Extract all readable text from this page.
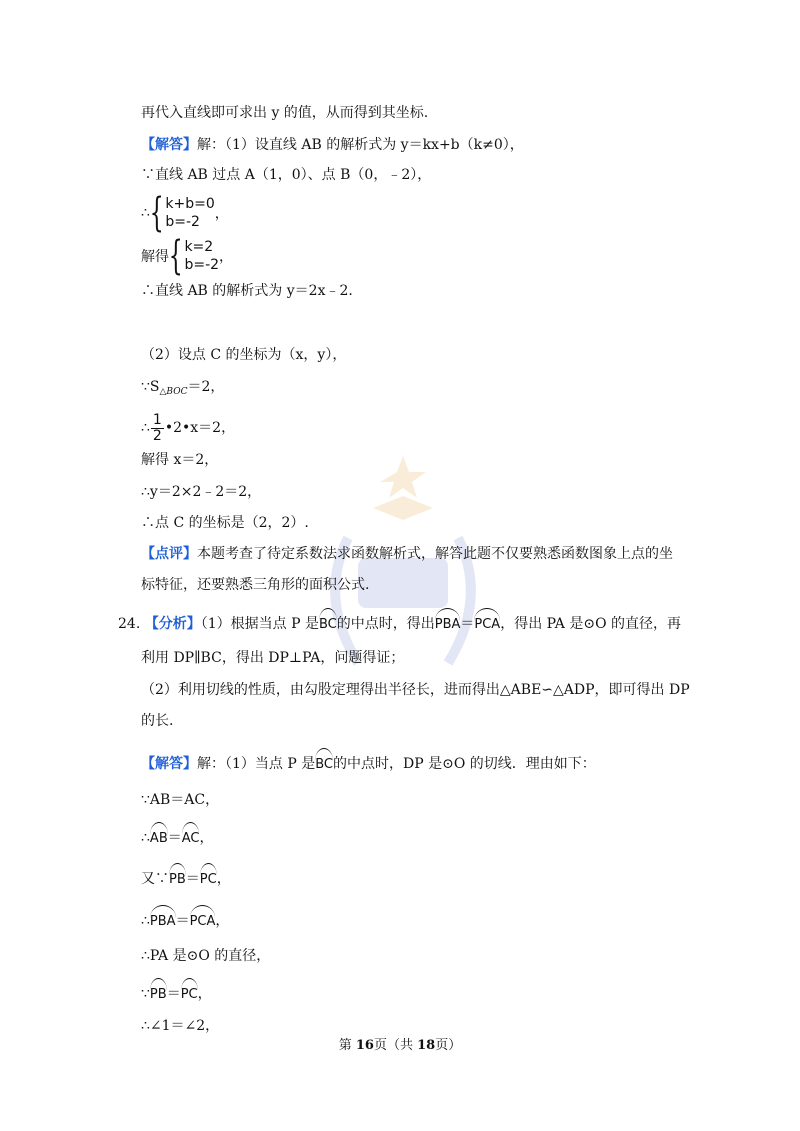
再代入直线即可求出 y 的值，从而得到其坐标.
【解答】解：（1）设直线 AB 的解析式为 y＝kx+b（k≠0），
∵直线 AB 过点 A（1，0）、点 B（0，﹣2），
∴ { k+b=0
b=-2	，
解得 { k=2
b=-2 ，
∴直线 AB 的解析式为 y＝2x﹣2.
（2）设点 C 的坐标为（x，y），
$\because S_{\triangle BOC}=2$，
∴ $\frac{1}{2}$ •2•x＝2，
解得 x＝2，
∴y＝2×2﹣2＝2，
∴点 C 的坐标是（2，2）.
【点评】本题考查了待定系数法求函数解析式，解答此题不仅要熟悉函数图象上点的坐
标特征，还要熟悉三角形的面积公式.
24. 【分析】（1）根据当点 P 是BC的中点时，得出PBA＝PCA，得出 PA 是⊙O 的直径，再
利用 DP∥BC，得出 DP⊥PA，问题得证；
（2）利用切线的性质，由勾股定理得出半径长，进而得出△ABE∽△ADP，即可得出 DP
的长.
【解答】解：（1）当点 P 是BC的中点时，DP 是⊙O 的切线．理由如下：
∵AB＝AC，
∴AB＝AC，
又∵PB＝PC，
∴PBA＝PCA，
∴PA 是⊙O 的直径，
∵PB＝PC，
∴∠1＝∠2，
第 16页（共 18页）
